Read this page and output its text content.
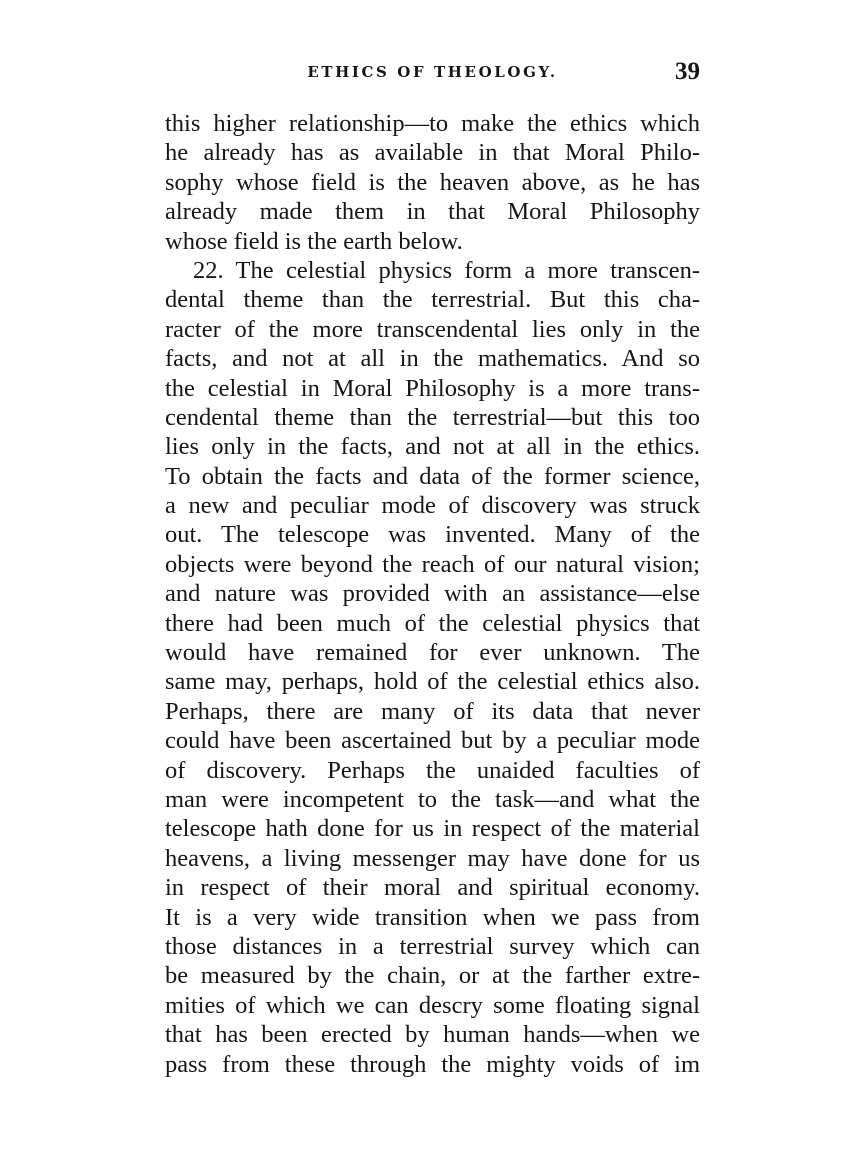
ETHICS OF THEOLOGY.	39
this higher relationship—to make the ethics which
he already has as available in that Moral Philo-
sophy whose field is the heaven above, as he has
already made them in that Moral Philosophy
whose field is the earth below.
22. The celestial physics form a more transcen-
dental theme than the terrestrial. But this cha-
racter of the more transcendental lies only in the
facts, and not at all in the mathematics. And so
the celestial in Moral Philosophy is a more trans-
cendental theme than the terrestrial—but this too
lies only in the facts, and not at all in the ethics.
To obtain the facts and data of the former science,
a new and peculiar mode of discovery was struck
out. The telescope was invented. Many of the
objects were beyond the reach of our natural vision;
and nature was provided with an assistance—else
there had been much of the celestial physics that
would have remained for ever unknown. The
same may, perhaps, hold of the celestial ethics also.
Perhaps, there are many of its data that never
could have been ascertained but by a peculiar mode
of discovery. Perhaps the unaided faculties of
man were incompetent to the task—and what the
telescope hath done for us in respect of the material
heavens, a living messenger may have done for us
in respect of their moral and spiritual economy.
It is a very wide transition when we pass from
those distances in a terrestrial survey which can
be measured by the chain, or at the farther extre-
mities of which we can descry some floating signal
that has been erected by human hands—when we
pass from these through the mighty voids of im
